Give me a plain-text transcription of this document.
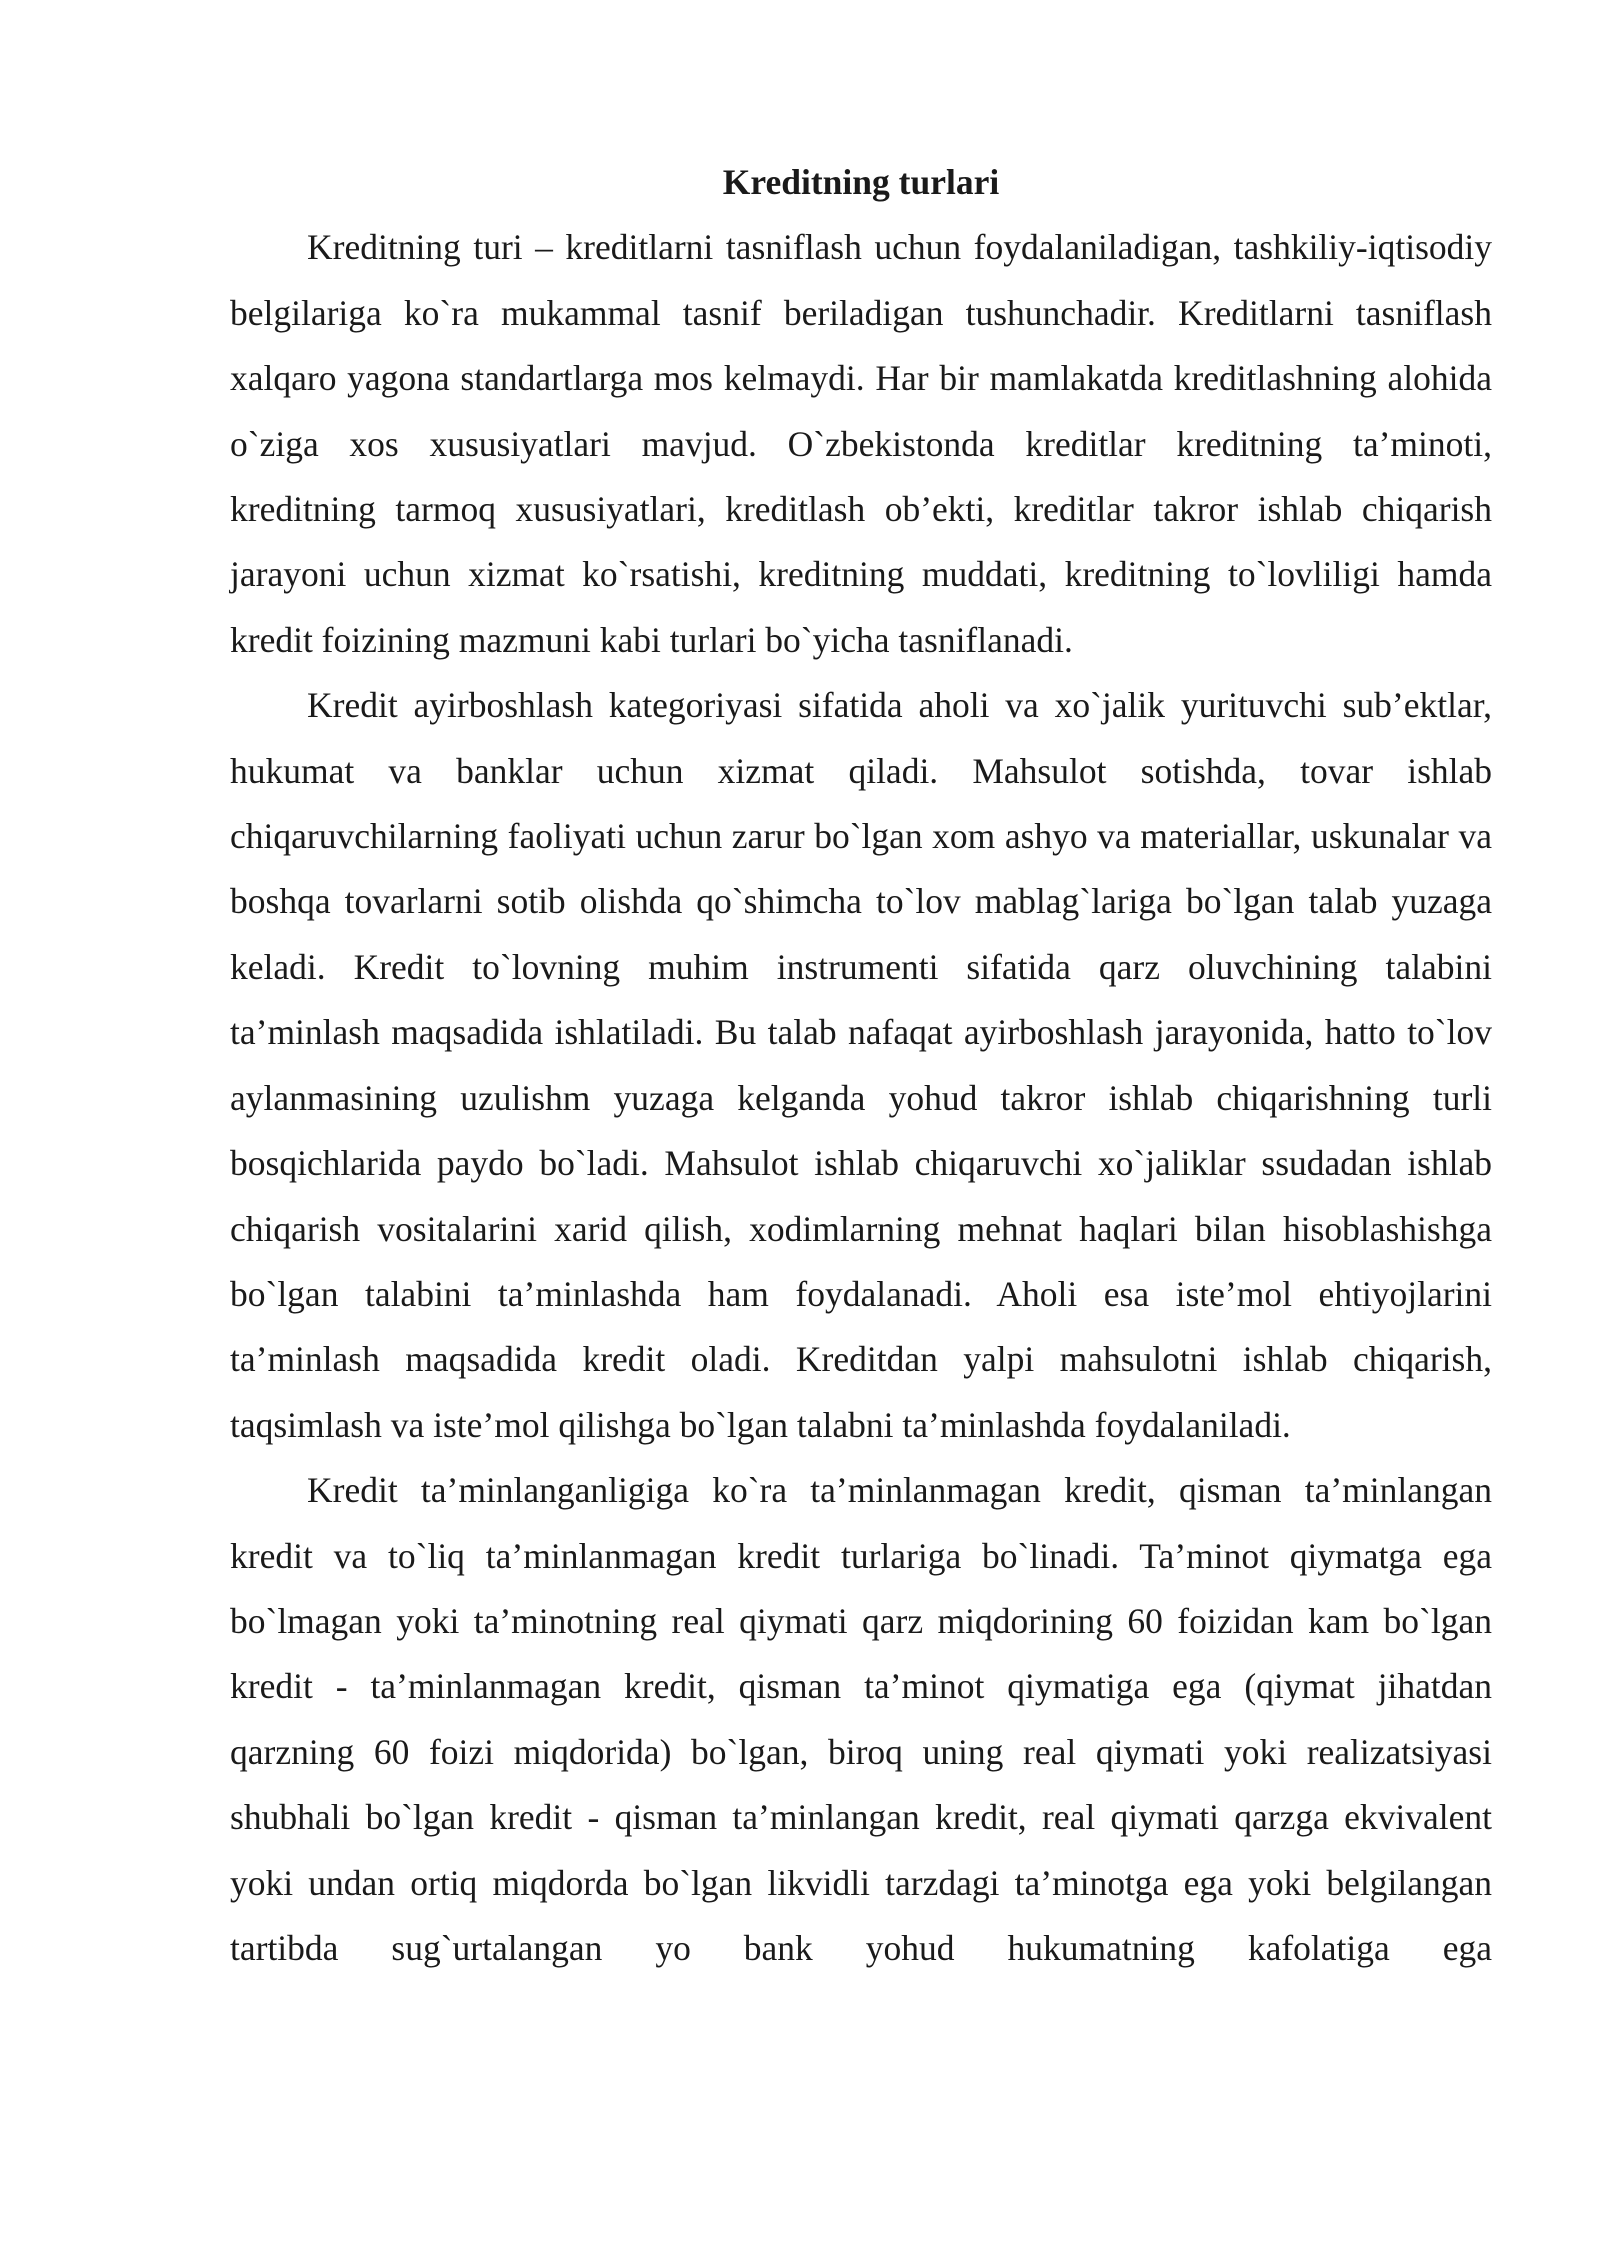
Kreditning turlari

Kreditning turi – kreditlarni tasniflash uchun foydalaniladigan, tashkiliy-iqtisodiy belgilariga ko`ra mukammal tasnif beriladigan tushunchadir. Kreditlarni tasniflash xalqaro yagona standartlarga mos kelmaydi. Har bir mamlakatda kreditlashning alohida o`ziga xos xususiyatlari mavjud. O`zbekistonda kreditlar kreditning ta’minoti, kreditning tarmoq xususiyatlari, kreditlash ob’ekti, kreditlar takror ishlab chiqarish jarayoni uchun xizmat ko`rsatishi, kreditning muddati, kreditning to`lovliligi hamda kredit foizining mazmuni kabi turlari bo`yicha tasniflanadi.

Kredit ayirboshlash kategoriyasi sifatida aholi va xo`jalik yurituvchi sub’ektlar, hukumat va banklar uchun xizmat qiladi. Mahsulot sotishda, tovar ishlab chiqaruvchilarning faoliyati uchun zarur bo`lgan xom ashyo va materiallar, uskunalar va boshqa tovarlarni sotib olishda qo`shimcha to`lov mablag`lariga bo`lgan talab yuzaga keladi. Kredit to`lovning muhim instrumenti sifatida qarz oluvchining talabini ta’minlash maqsadida ishlatiladi. Bu talab nafaqat ayirboshlash jarayonida, hatto to`lov aylanmasining uzulishm yuzaga kelganda yohud takror ishlab chiqarishning turli bosqichlarida paydo bo`ladi. Mahsulot ishlab chiqaruvchi xo`jaliklar ssudadan ishlab chiqarish vositalarini xarid qilish, xodimlarning mehnat haqlari bilan hisoblashishga bo`lgan talabini ta’minlashda ham foydalanadi. Aholi esa iste’mol ehtiyojlarini ta’minlash maqsadida kredit oladi. Kreditdan yalpi mahsulotni ishlab chiqarish, taqsimlash va iste’mol qilishga bo`lgan talabni ta’minlashda foydalaniladi.

Kredit ta’minlanganligiga ko`ra ta’minlanmagan kredit, qisman ta’minlangan kredit va to`liq ta’minlanmagan kredit turlariga bo`linadi. Ta’minot qiymatga ega bo`lmagan yoki ta’minotning real qiymati qarz miqdorining 60 foizidan kam bo`lgan kredit - ta’minlanmagan kredit, qisman ta’minot qiymatiga ega (qiymat jihatdan qarzning 60 foizi miqdorida) bo`lgan, biroq uning real qiymati yoki realizatsiyasi shubhali bo`lgan kredit - qisman ta’minlangan kredit, real qiymati qarzga ekvivalent yoki undan ortiq miqdorda bo`lgan likvidli tarzdagi ta’minotga ega yoki belgilangan tartibda sug`urtalangan yo bank yohud hukumatning kafolatiga ega
